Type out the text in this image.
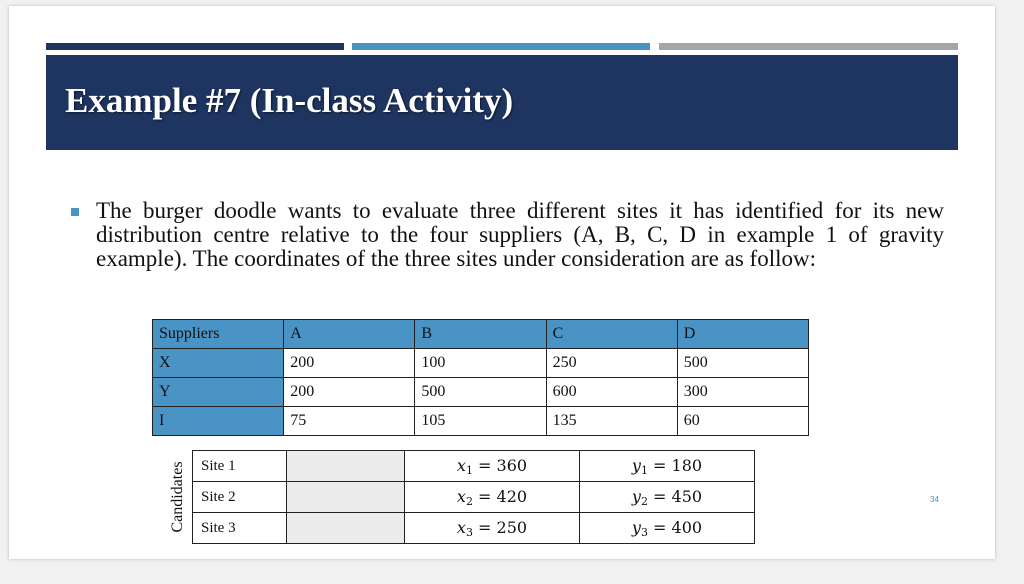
Example #7 (In-class Activity)
The burger doodle wants to evaluate three different sites it has identified for its new distribution centre relative to the four suppliers (A, B, C, D in example 1 of gravity example). The coordinates of the three sites under consideration are as follow:
Suppliers	A	B	C	D
X	200	100	250	500
Y	200	500	600	300
I	75	105	135	60
Candidates Site 1		$x_1 = 360$	$y_1 = 180$
Site 2		$x_2 = 420$	$y_2 = 450$
Site 3		$x_3 = 250$	$y_3 = 400$
34
